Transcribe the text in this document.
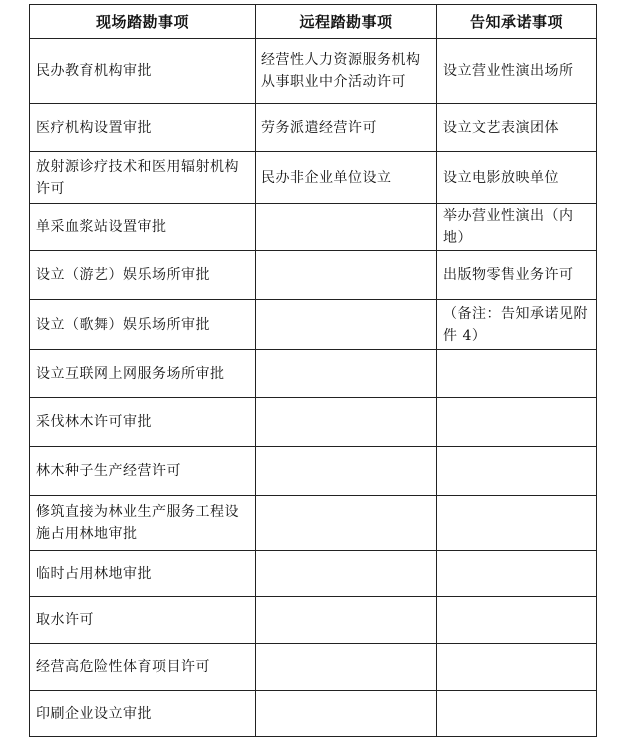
现场踏勘事项	远程踏勘事项	告知承诺事项
民办教育机构审批	经营性人力资源服务机构从事职业中介活动许可	设立营业性演出场所
医疗机构设置审批	劳务派遣经营许可	设立文艺表演团体
放射源诊疗技术和医用辐射机构许可	民办非企业单位设立	设立电影放映单位
单采血浆站设置审批		举办营业性演出（内地）
设立（游艺）娱乐场所审批		出版物零售业务许可
设立（歌舞）娱乐场所审批		（备注：告知承诺见附件 4）
设立互联网上网服务场所审批		
采伐林木许可审批		
林木种子生产经营许可		
修筑直接为林业生产服务工程设施占用林地审批		
临时占用林地审批		
取水许可		
经营高危险性体育项目许可		
印刷企业设立审批		
